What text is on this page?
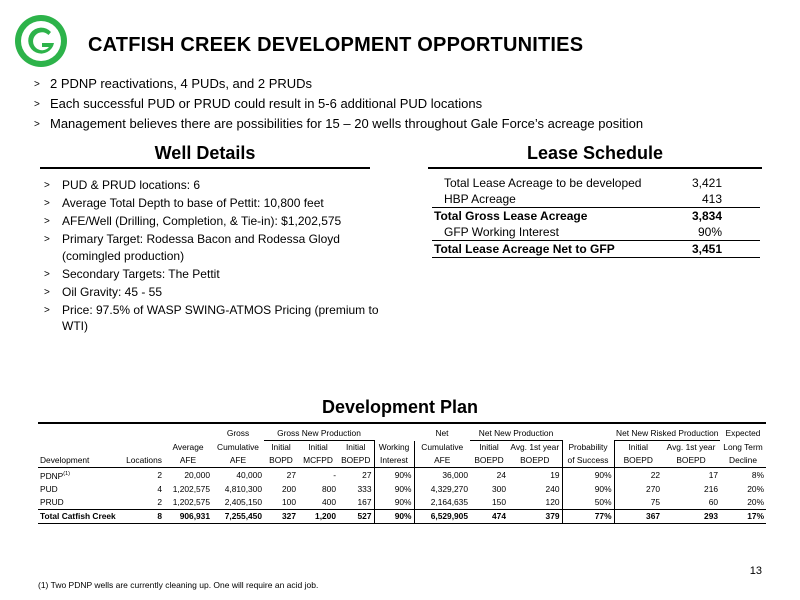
CATFISH CREEK DEVELOPMENT OPPORTUNITIES
> 2 PDNP reactivations, 4 PUDs, and 2 PRUDs
> Each successful PUD or PRUD could result in 5-6 additional PUD locations
> Management believes there are possibilities for 15 – 20 wells throughout Gale Force’s acreage position
Well Details
> PUD & PRUD locations: 6
> Average Total Depth to base of Pettit: 10,800 feet
> AFE/Well (Drilling, Completion, & Tie-in): $1,202,575
> Primary Target: Rodessa Bacon and Rodessa Gloyd (comingled production)
> Secondary Targets: The Pettit
> Oil Gravity: 45 - 55
> Price: 97.5% of WASP SWING-ATMOS Pricing (premium to WTI)
Lease Schedule
Total Lease Acreage to be developed	3,421
HBP Acreage	413
Total Gross Lease Acreage	3,834
GFP Working Interest	90%
Total Lease Acreage Net to GFP	3,451
Development Plan
			Gross	Gross New Production				Net	Net New Production			Net New Risked Production		Expected
		Average	Cumulative	Initial	Initial	Initial	Working	Cumulative	Initial	Avg. 1st year	Probability	Initial	Avg. 1st year	Long Term
Development	Locations	AFE	AFE	BOPD	MCFPD	BOEPD	Interest	AFE	BOEPD	BOEPD	of Success	BOEPD	BOEPD	Decline
PDNP$^{(1)}$	2	20,000	40,000	27	-	27	90%	36,000	24	19	90%	22	17	8%
PUD	4	1,202,575	4,810,300	200	800	333	90%	4,329,270	300	240	90%	270	216	20%
PRUD	2	1,202,575	2,405,150	100	400	167	90%	2,164,635	150	120	50%	75	60	20%
Total Catfish Creek	8	906,931	7,255,450	327	1,200	527	90%	6,529,905	474	379	77%	367	293	17%
13
(1) Two PDNP wells are currently cleaning up. One will require an acid job.
